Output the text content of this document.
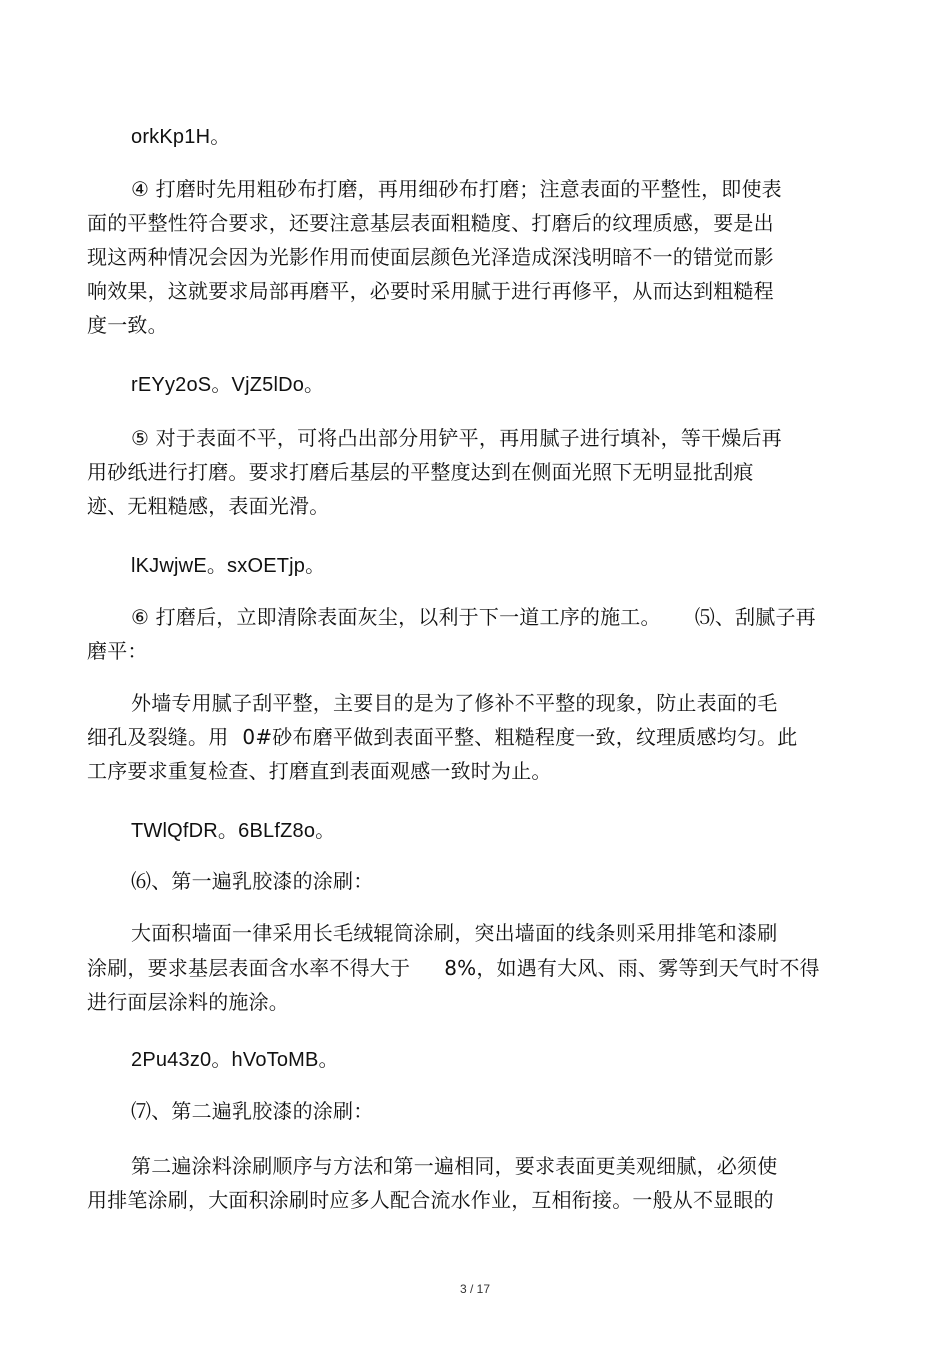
orkKp1H。
④ 打磨时先用粗砂布打磨，再用细砂布打磨；注意表面的平整性，即使表
面的平整性符合要求，还要注意基层表面粗糙度、打磨后的纹理质感，要是出
现这两种情况会因为光影作用而使面层颜色光泽造成深浅明暗不一的错觉而影
响效果，这就要求局部再磨平，必要时采用腻于进行再修平，从而达到粗糙程
度一致。
rEYy2oS。VjZ5lDo。
⑤ 对于表面不平，可将凸出部分用铲平，再用腻子进行填补，等干燥后再
用砂纸进行打磨。要求打磨后基层的平整度达到在侧面光照下无明显批刮痕
迹、无粗糙感，表面光滑。
lKJwjwE。sxOETjp。
⑥ 打磨后，立即清除表面灰尘，以利于下一道工序的施工。 ⑸、刮腻子再
磨平：
外墙专用腻子刮平整，主要目的是为了修补不平整的现象，防止表面的毛
细孔及裂缝。用 0#砂布磨平做到表面平整、粗糙程度一致，纹理质感均匀。此
工序要求重复检查、打磨直到表面观感一致时为止。
TWlQfDR。6BLfZ8o。
⑹、第一遍乳胶漆的涂刷：
大面积墙面一律采用长毛绒辊筒涂刷，突出墙面的线条则采用排笔和漆刷
涂刷，要求基层表面含水率不得大于 8%，如遇有大风、雨、雾等到天气时不得
进行面层涂料的施涂。
2Pu43z0。hVoToMB。
⑺、第二遍乳胶漆的涂刷：
第二遍涂料涂刷顺序与方法和第一遍相同，要求表面更美观细腻，必须使
用排笔涂刷，大面积涂刷时应多人配合流水作业，互相衔接。一般从不显眼的
3 / 17
